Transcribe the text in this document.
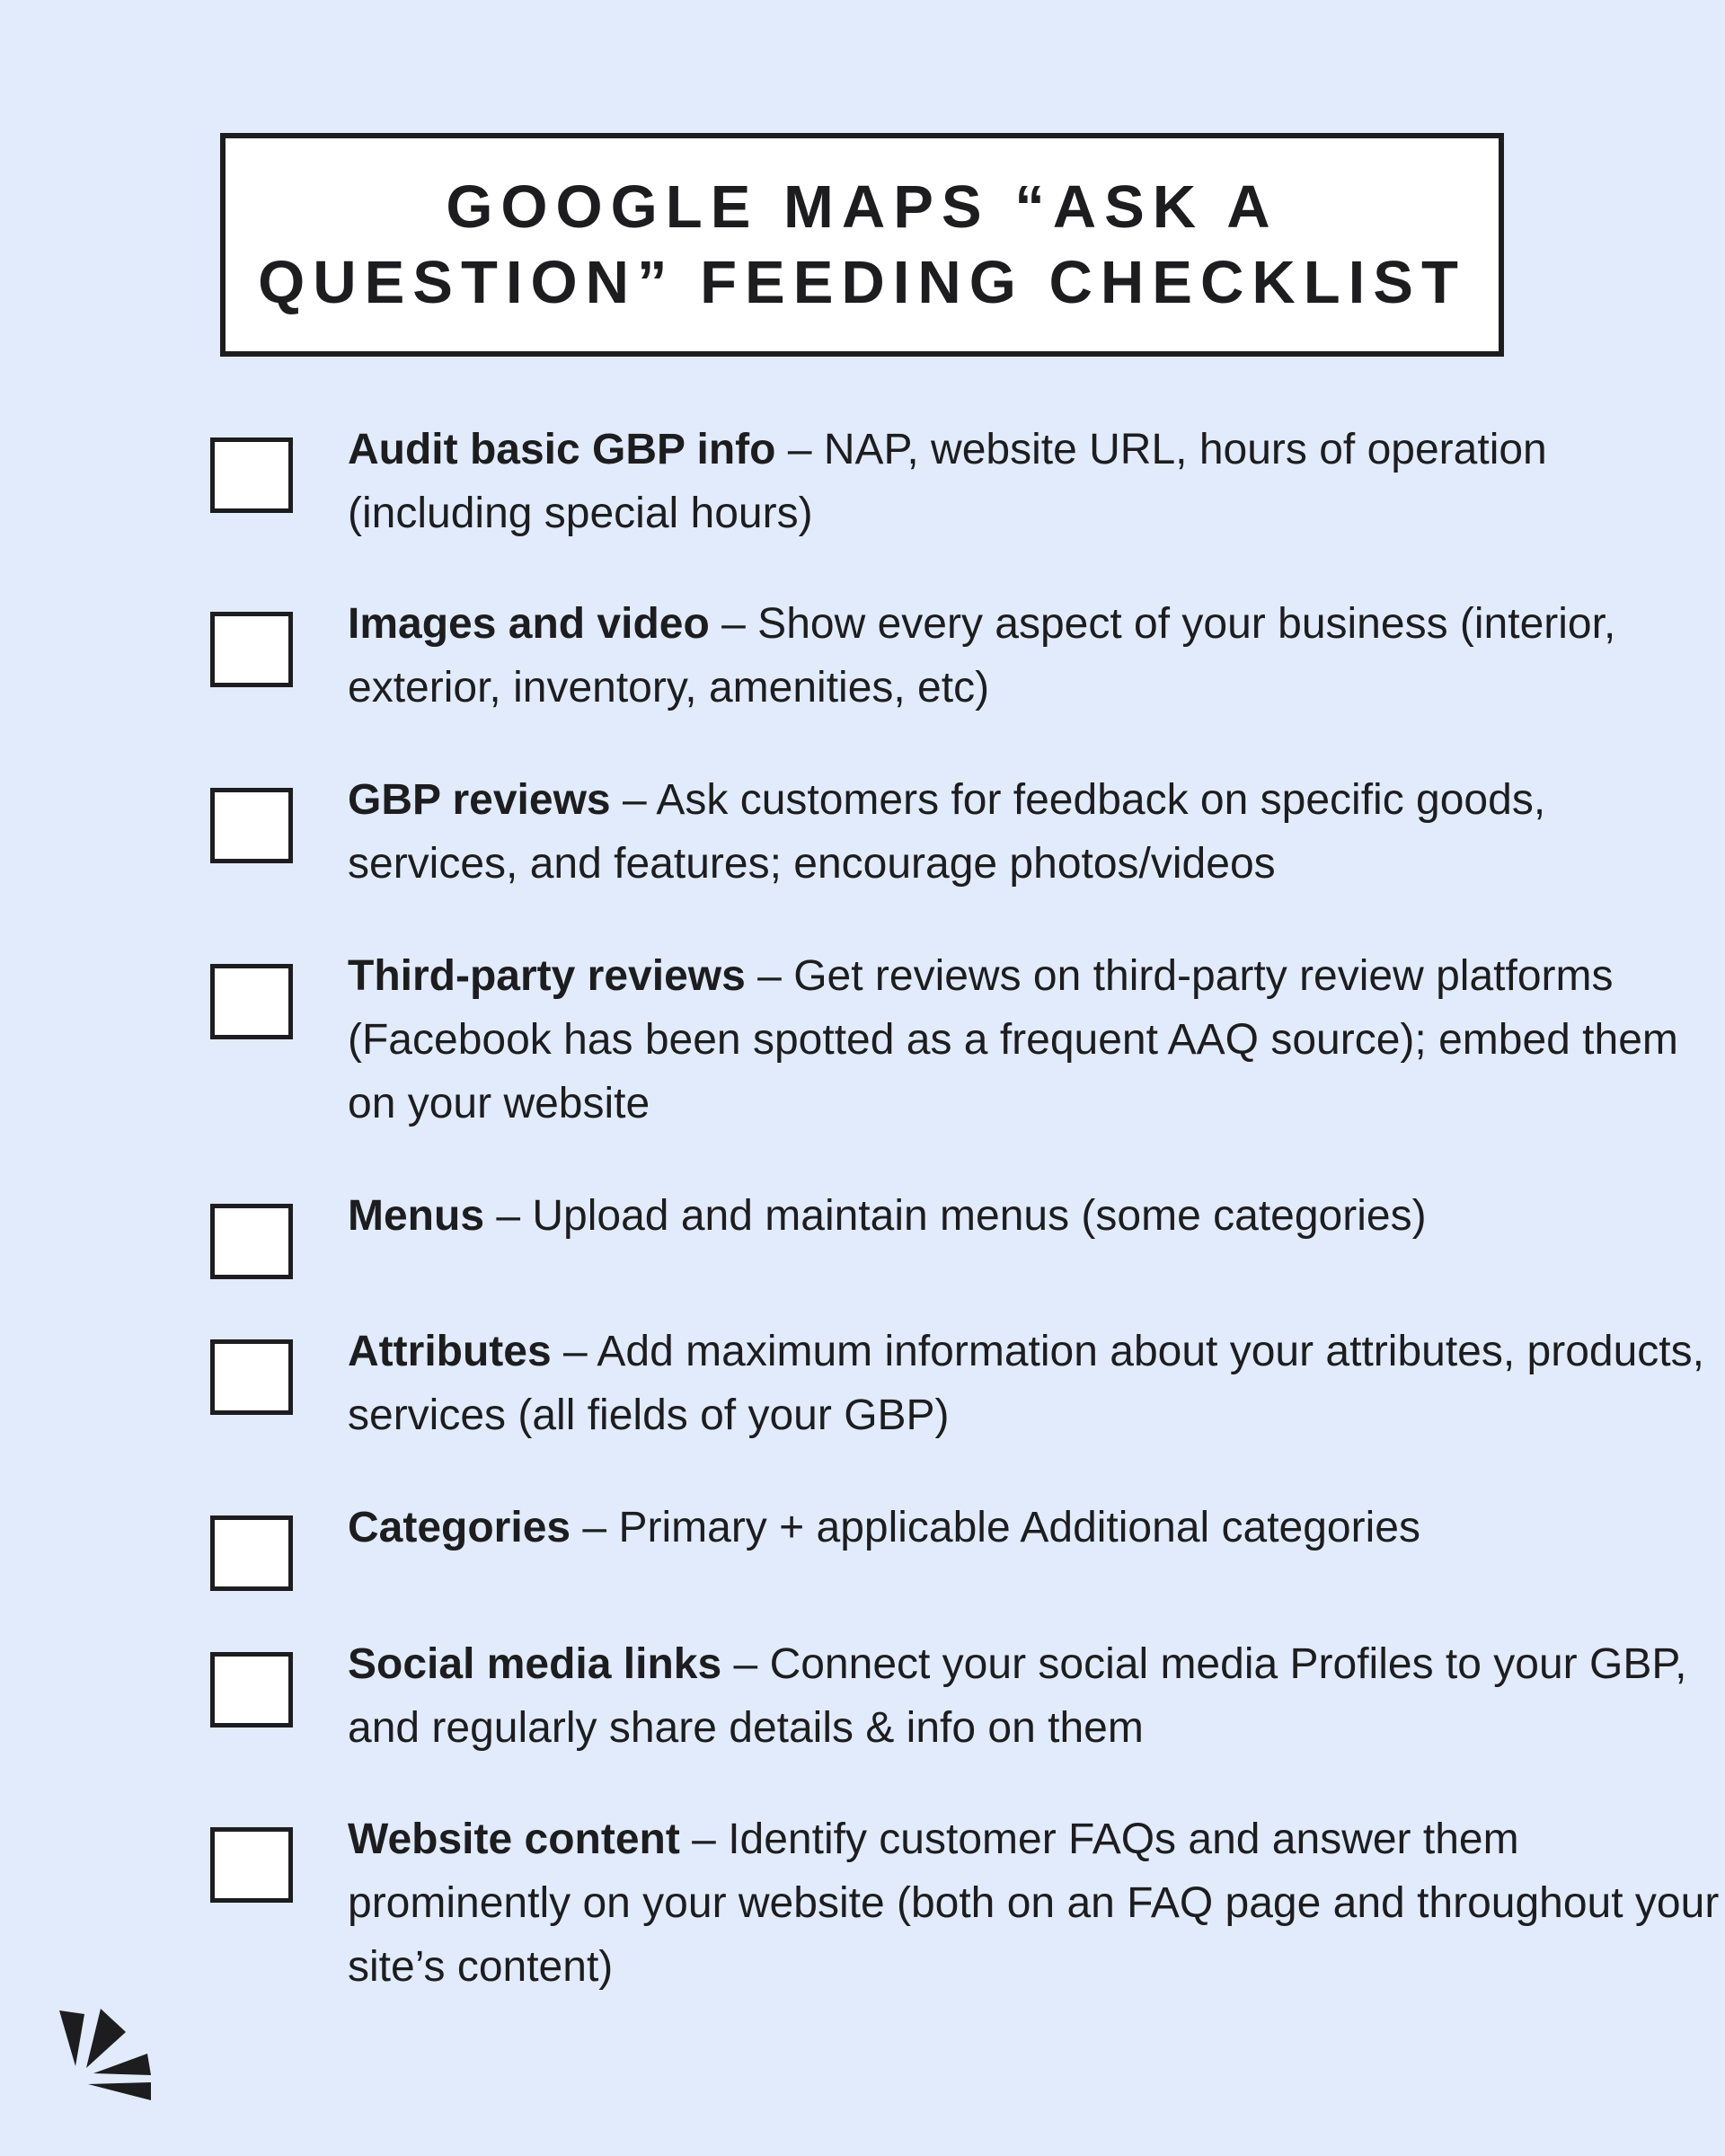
GOOGLE MAPS “ASK A
QUESTION” FEEDING CHECKLIST
Audit basic GBP info – NAP, website URL, hours of operation (including special hours)
Images and video – Show every aspect of your business (interior, exterior, inventory, amenities, etc)
GBP reviews – Ask customers for feedback on specific goods, services, and features; encourage photos/videos
Third-party reviews – Get reviews on third-party review platforms (Facebook has been spotted as a frequent AAQ source); embed them on your website
Menus – Upload and maintain menus (some categories)
Attributes – Add maximum information about your attributes, products, services (all fields of your GBP)
Categories – Primary + applicable Additional categories
Social media links – Connect your social media Profiles to your GBP, and regularly share details & info on them
Website content – Identify customer FAQs and answer them prominently on your website (both on an FAQ page and throughout your site’s content)
